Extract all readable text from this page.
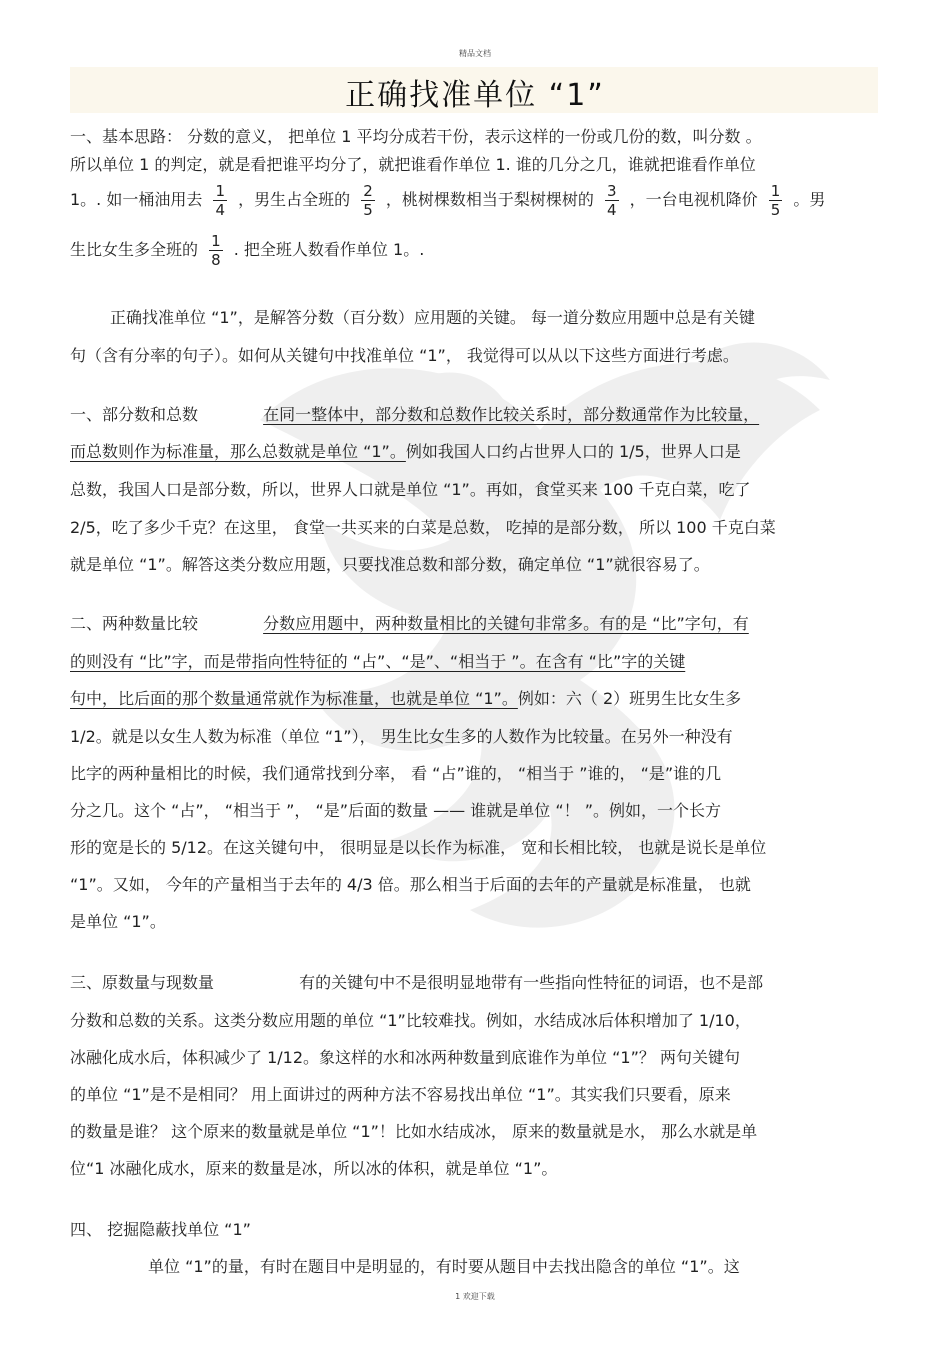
精品文档
正确找准单位 “1”
一、基本思路： 分数的意义， 把单位 1 平均分成若干份，表示这样的一份或几份的数，叫分数 。
所以单位 1 的判定，就是看把谁平均分了，就把谁看作单位 1. 谁的几分之几，谁就把谁看作单位
1。. 如一桶油用去 $\frac{1}{4}$ ，男生占全班的 $\frac{2}{5}$ ，桃树棵数相当于梨树棵树的 $\frac{3}{4}$ ，一台电视机降价 $\frac{1}{5}$ 。男
生比女生多全班的 $\frac{1}{8}$ . 把全班人数看作单位 1。.
正确找准单位 “1”，是解答分数（百分数）应用题的关键。 每一道分数应用题中总是有关键
句（含有分率的句子）。如何从关键句中找准单位 “1”， 我觉得可以从以下这些方面进行考虑。
一、部分数和总数	在同一整体中，部分数和总数作比较关系时，部分数通常作为比较量，
而总数则作为标准量，那么总数就是单位 “1”。例如我国人口约占世界人口的 1/5，世界人口是
总数，我国人口是部分数，所以，世界人口就是单位 “1”。再如，食堂买来 100 千克白菜，吃了
2/5，吃了多少千克？在这里， 食堂一共买来的白菜是总数， 吃掉的是部分数， 所以 100 千克白菜
就是单位 “1”。解答这类分数应用题，只要找准总数和部分数，确定单位 “1”就很容易了。
二、两种数量比较	分数应用题中，两种数量相比的关键句非常多。有的是 “比”字句，有
的则没有 “比”字，而是带指向性特征的 “占”、“是”、“相当于 ”。在含有 “比”字的关键
句中，比后面的那个数量通常就作为标准量，也就是单位 “1”。例如：六（ 2）班男生比女生多
1/2。就是以女生人数为标准（单位 “1”）， 男生比女生多的人数作为比较量。在另外一种没有
比字的两种量相比的时候，我们通常找到分率， 看 “占”谁的， “相当于 ”谁的， “是”谁的几
分之几。这个 “占”， “相当于 ”， “是”后面的数量 —— 谁就是单位 “！ ”。例如，一个长方
形的宽是长的 5/12。在这关键句中， 很明显是以长作为标准， 宽和长相比较， 也就是说长是单位
“1”。又如， 今年的产量相当于去年的 4/3 倍。那么相当于后面的去年的产量就是标准量， 也就
是单位 “1”。
三、原数量与现数量	有的关键句中不是很明显地带有一些指向性特征的词语，也不是部
分数和总数的关系。这类分数应用题的单位 “1”比较难找。例如，水结成冰后体积增加了 1/10，
冰融化成水后，体积减少了 1/12。象这样的水和冰两种数量到底谁作为单位 “1”？ 两句关键句
的单位 “1”是不是相同？ 用上面讲过的两种方法不容易找出单位 “1”。其实我们只要看，原来
的数量是谁？ 这个原来的数量就是单位 “1”！比如水结成冰， 原来的数量就是水， 那么水就是单
位“1 冰融化成水，原来的数量是冰，所以冰的体积，就是单位 “1”。
四、 挖掘隐蔽找单位 “1”
单位 “1”的量，有时在题目中是明显的，有时要从题目中去找出隐含的单位 “1”。这
1 欢迎下载
